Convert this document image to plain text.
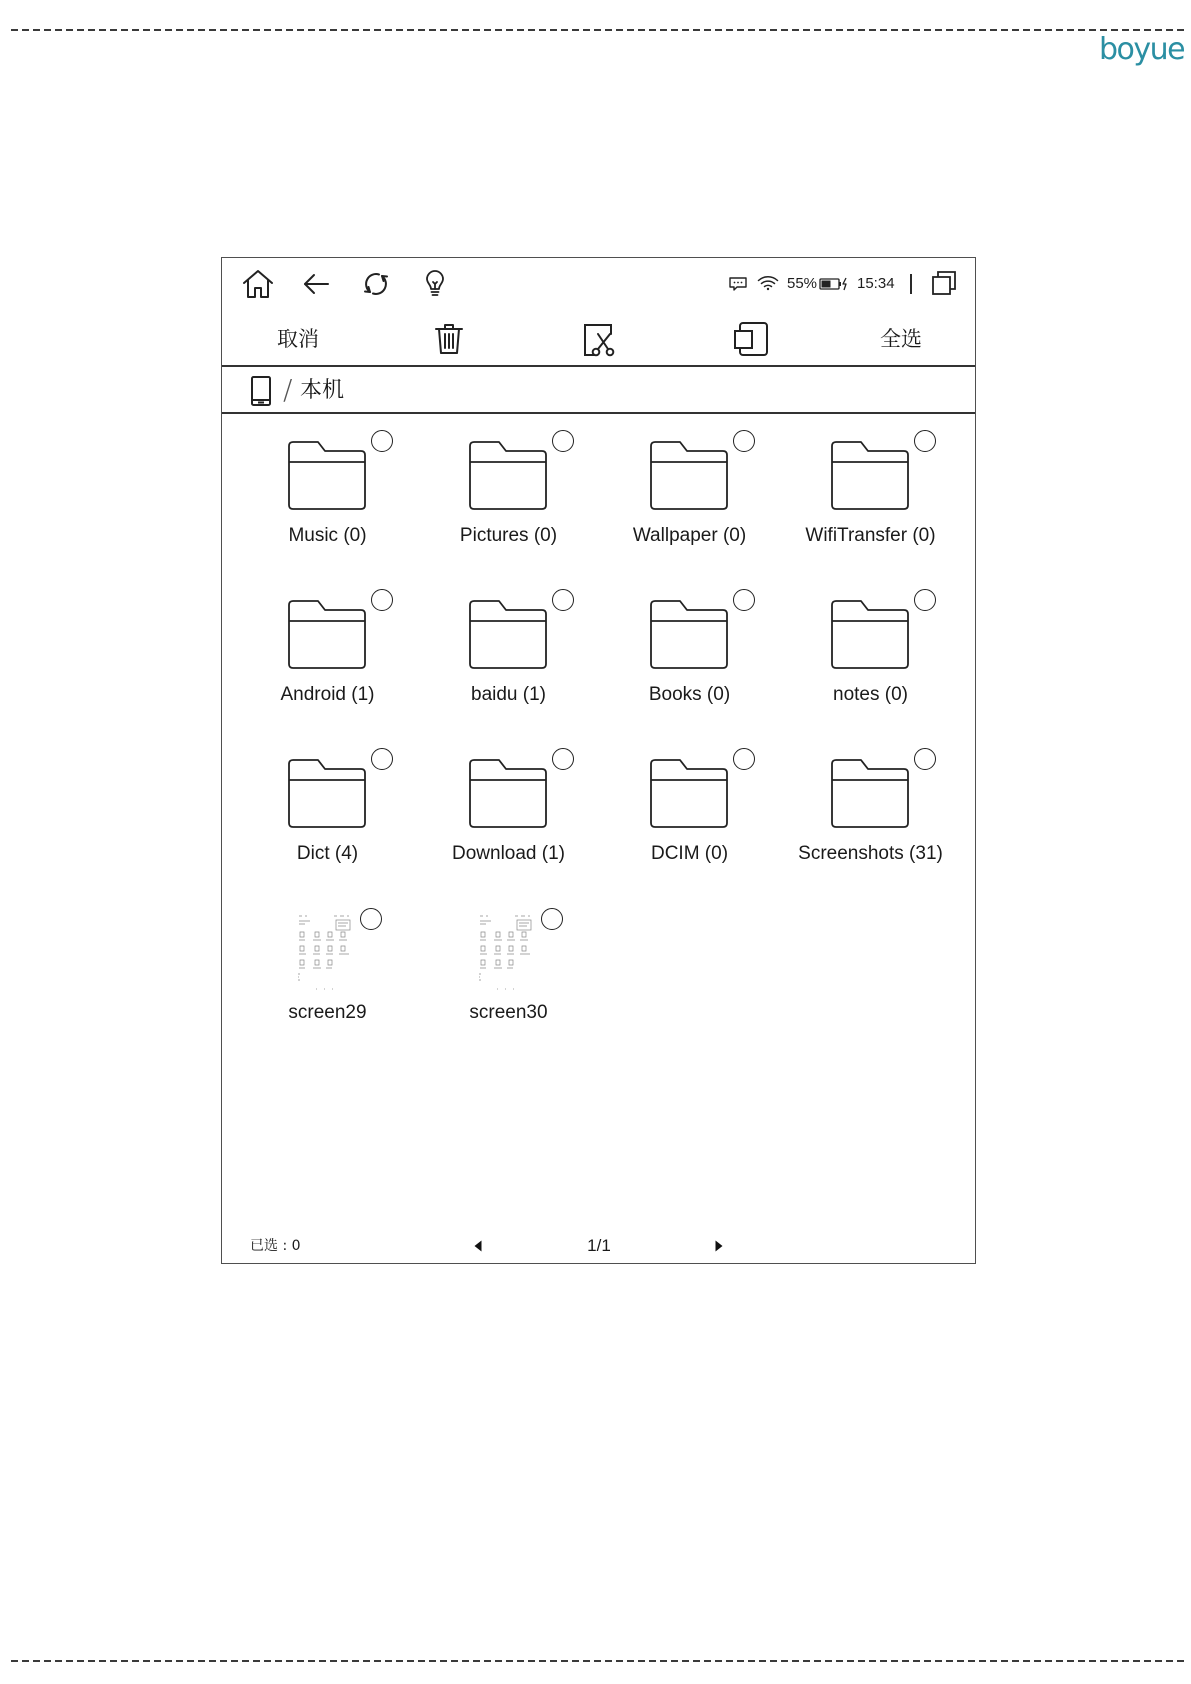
boyue
55%	15:34
取消	全选
/ 本机
Music (0)	Pictures (0)	Wallpaper (0)	WifiTransfer (0)
Android (1)	baidu (1)	Books (0)	notes (0)
Dict (4)	Download (1)	DCIM (0)	Screenshots (31)
screen29	screen30
已选 : 0	1/1
